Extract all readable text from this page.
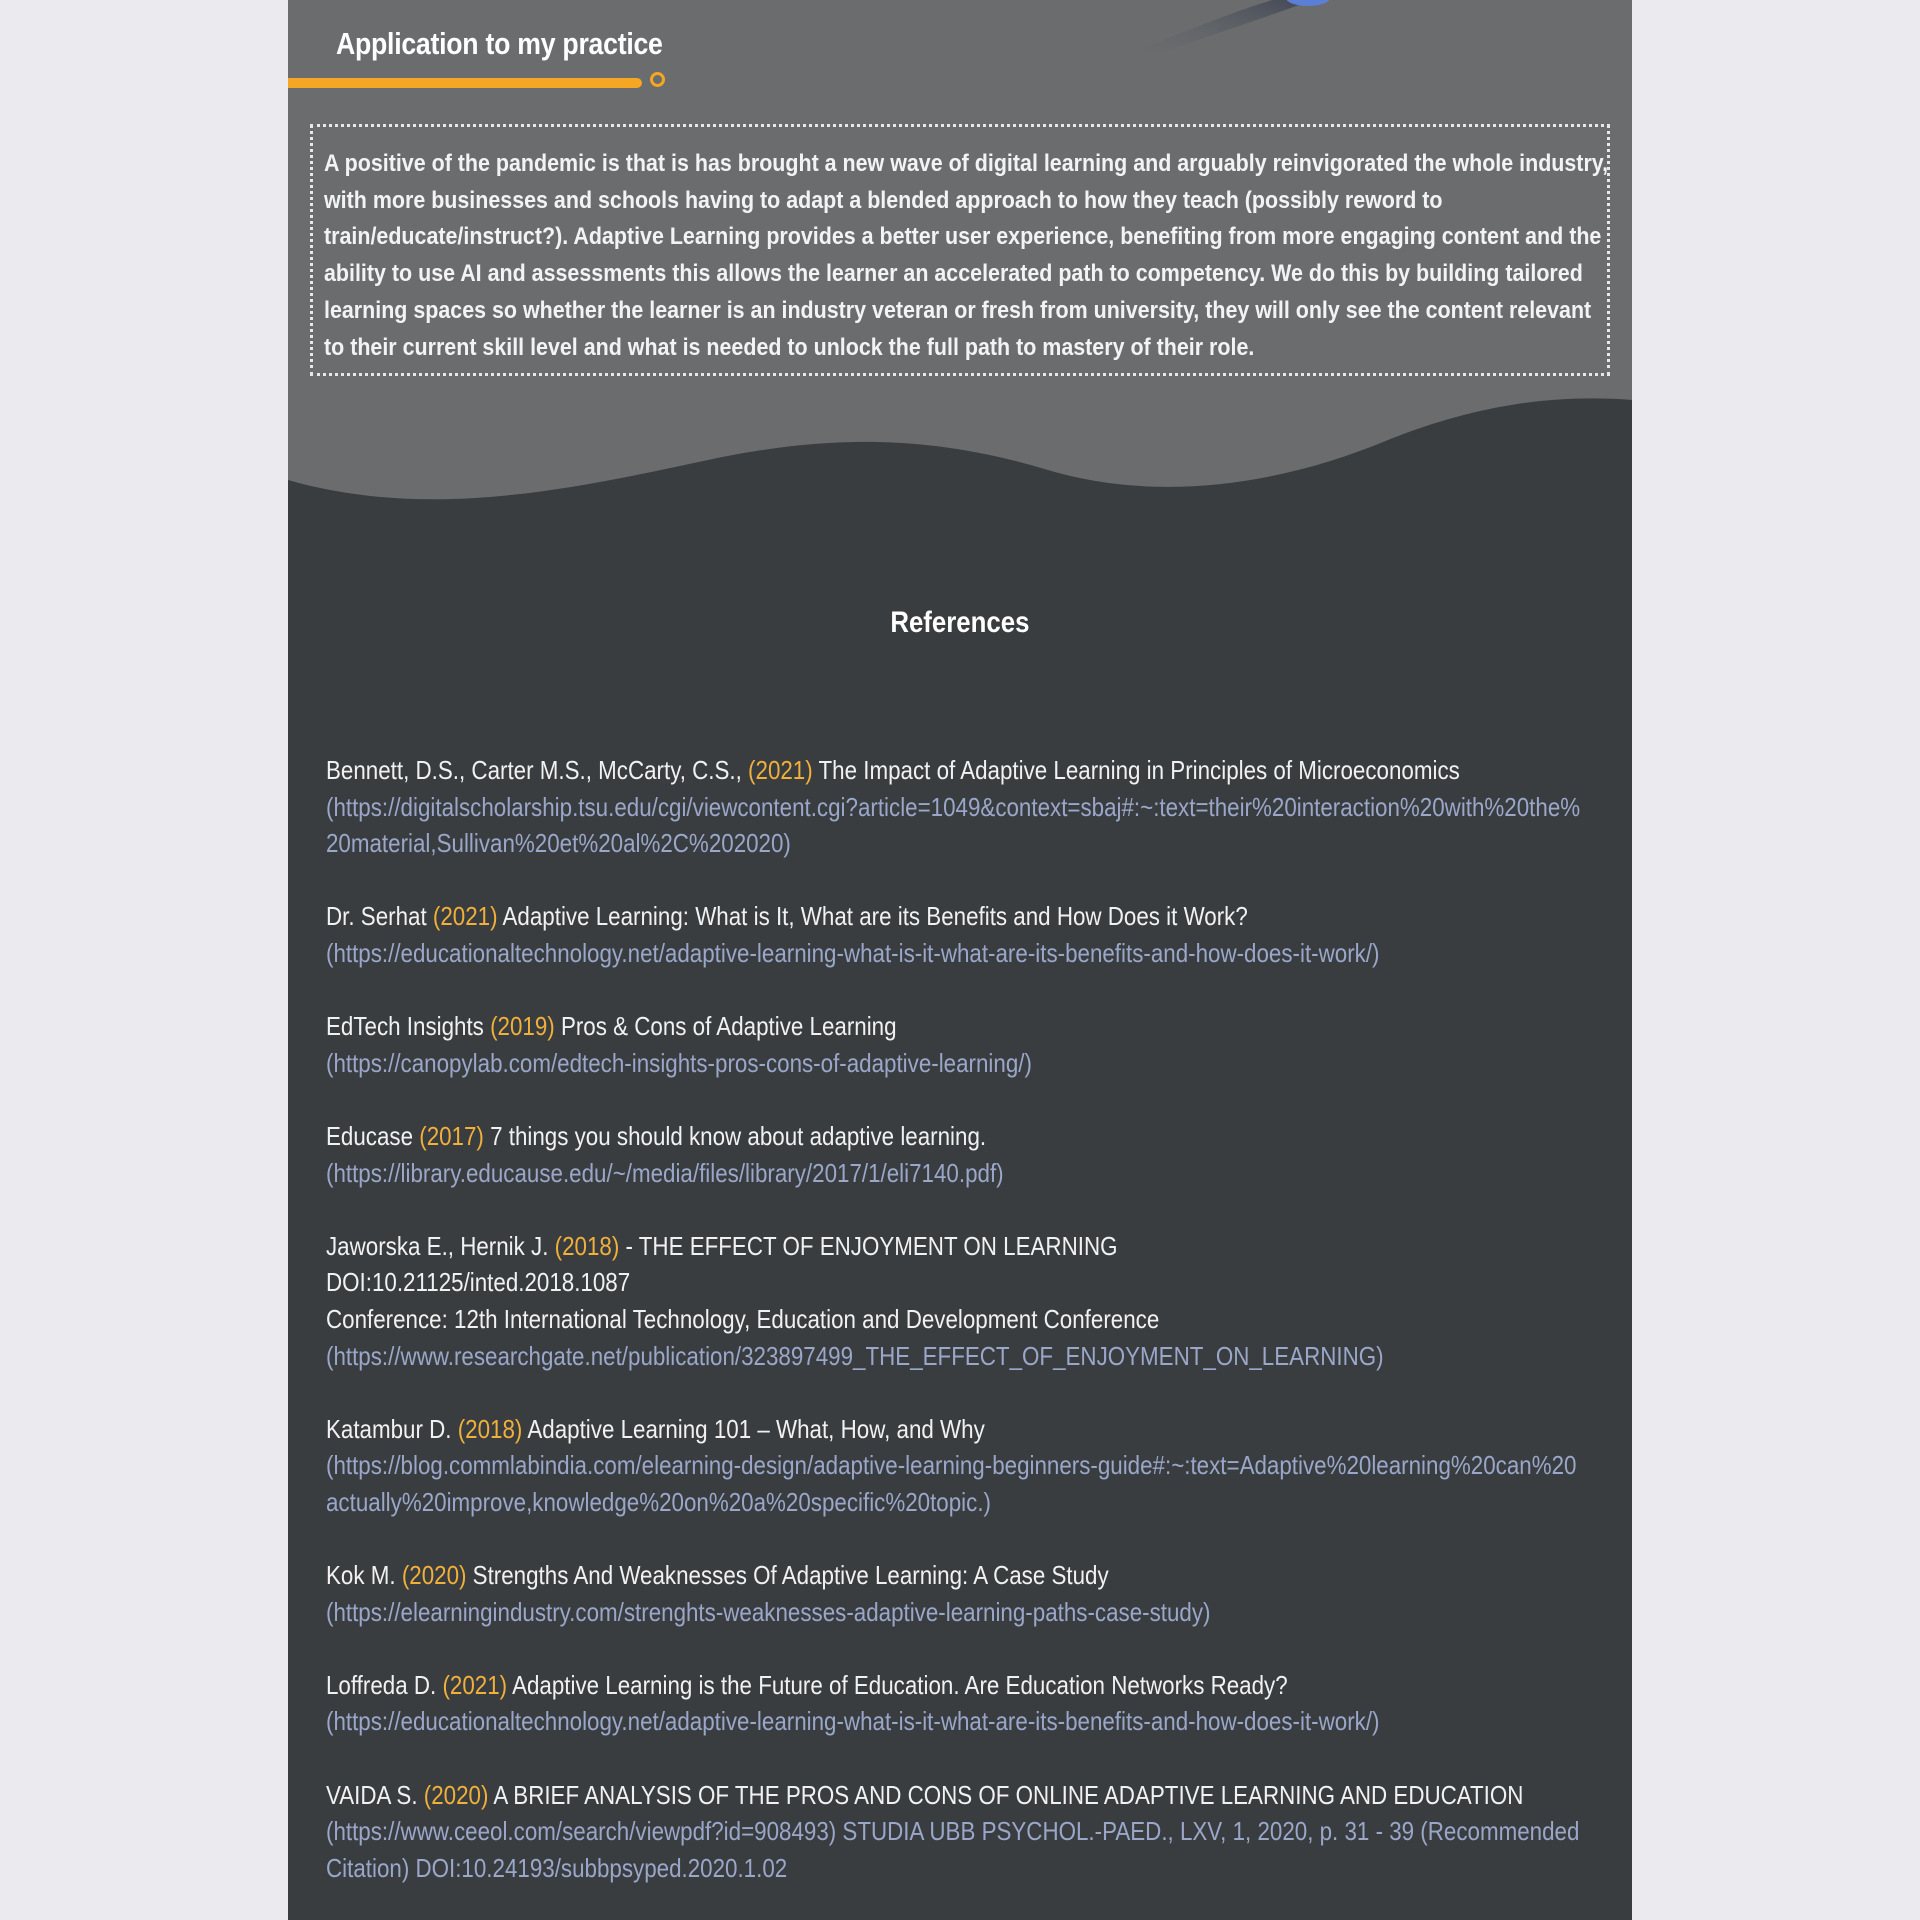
Application to my practice

A positive of the pandemic is that is has brought a new wave of digital learning and arguably reinvigorated the whole industry, with more businesses and schools having to adapt a blended approach to how they teach (possibly reword to train/educate/instruct?). Adaptive Learning provides a better user experience, benefiting from more engaging content and the ability to use AI and assessments this allows the learner an accelerated path to competency. We do this by building tailored learning spaces so whether the learner is an industry veteran or fresh from university, they will only see the content relevant to their current skill level and what is needed to unlock the full path to mastery of their role.

References
Bennett, D.S., Carter M.S., McCarty, C.S., (2021) The Impact of Adaptive Learning in Principles of Microeconomics
(https://digitalscholarship.tsu.edu/cgi/viewcontent.cgi?article=1049&context=sbaj#:~:text=their%20interaction%20with%20the%20material,Sullivan%20et%20al%2C%202020)
Dr. Serhat (2021) Adaptive Learning: What is It, What are its Benefits and How Does it Work?
(https://educationaltechnology.net/adaptive-learning-what-is-it-what-are-its-benefits-and-how-does-it-work/)
EdTech Insights (2019) Pros & Cons of Adaptive Learning
(https://canopylab.com/edtech-insights-pros-cons-of-adaptive-learning/)
Educase (2017) 7 things you should know about adaptive learning.
(https://library.educause.edu/~/media/files/library/2017/1/eli7140.pdf)
Jaworska E., Hernik J. (2018) - THE EFFECT OF ENJOYMENT ON LEARNING
DOI:10.21125/inted.2018.1087
Conference: 12th International Technology, Education and Development Conference
(https://www.researchgate.net/publication/323897499_THE_EFFECT_OF_ENJOYMENT_ON_LEARNING)
Katambur D. (2018) Adaptive Learning 101 – What, How, and Why
(https://blog.commlabindia.com/elearning-design/adaptive-learning-beginners-guide#:~:text=Adaptive%20learning%20can%20actually%20improve,knowledge%20on%20a%20specific%20topic.)
Kok M. (2020) Strengths And Weaknesses Of Adaptive Learning: A Case Study
(https://elearningindustry.com/strenghts-weaknesses-adaptive-learning-paths-case-study)
Loffreda D. (2021) Adaptive Learning is the Future of Education. Are Education Networks Ready?
(https://educationaltechnology.net/adaptive-learning-what-is-it-what-are-its-benefits-and-how-does-it-work/)
VAIDA S. (2020) A BRIEF ANALYSIS OF THE PROS AND CONS OF ONLINE ADAPTIVE LEARNING AND EDUCATION
(https://www.ceeol.com/search/viewpdf?id=908493) STUDIA UBB PSYCHOL.-PAED., LXV, 1, 2020, p. 31 - 39 (Recommended Citation) DOI:10.24193/subbpsyped.2020.1.02
